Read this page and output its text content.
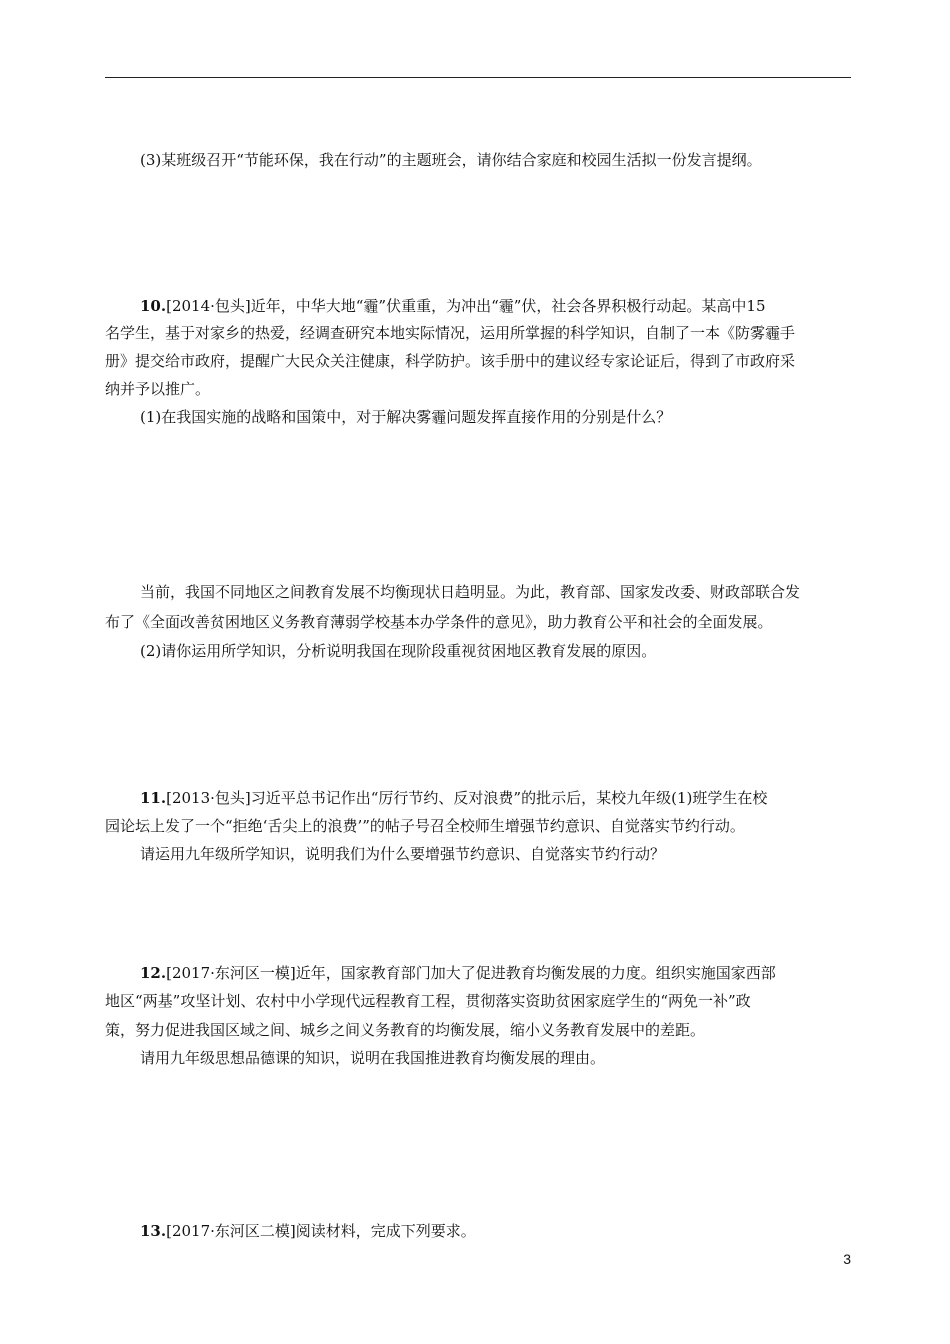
(3)某班级召开“节能环保，我在行动”的主题班会，请你结合家庭和校园生活拟一份发言提纲。
10.[2014·包头]近年，中华大地“霾”伏重重，为冲出“霾”伏，社会各界积极行动起。某高中15
名学生，基于对家乡的热爱，经调查研究本地实际情况，运用所掌握的科学知识，自制了一本《防雾霾手
册》提交给市政府，提醒广大民众关注健康，科学防护。该手册中的建议经专家论证后，得到了市政府采
纳并予以推广。
(1)在我国实施的战略和国策中，对于解决雾霾问题发挥直接作用的分别是什么？
当前，我国不同地区之间教育发展不均衡现状日趋明显。为此，教育部、国家发改委、财政部联合发
布了《全面改善贫困地区义务教育薄弱学校基本办学条件的意见》，助力教育公平和社会的全面发展。
(2)请你运用所学知识，分析说明我国在现阶段重视贫困地区教育发展的原因。
11.[2013·包头]习近平总书记作出“厉行节约、反对浪费”的批示后，某校九年级(1)班学生在校
园论坛上发了一个“拒绝‘舌尖上的浪费’”的帖子号召全校师生增强节约意识、自觉落实节约行动。
请运用九年级所学知识，说明我们为什么要增强节约意识、自觉落实节约行动？
12.[2017·东河区一模]近年，国家教育部门加大了促进教育均衡发展的力度。组织实施国家西部
地区“两基”攻坚计划、农村中小学现代远程教育工程，贯彻落实资助贫困家庭学生的“两免一补”政
策，努力促进我国区域之间、城乡之间义务教育的均衡发展，缩小义务教育发展中的差距。
请用九年级思想品德课的知识，说明在我国推进教育均衡发展的理由。
13.[2017·东河区二模]阅读材料，完成下列要求。
3
